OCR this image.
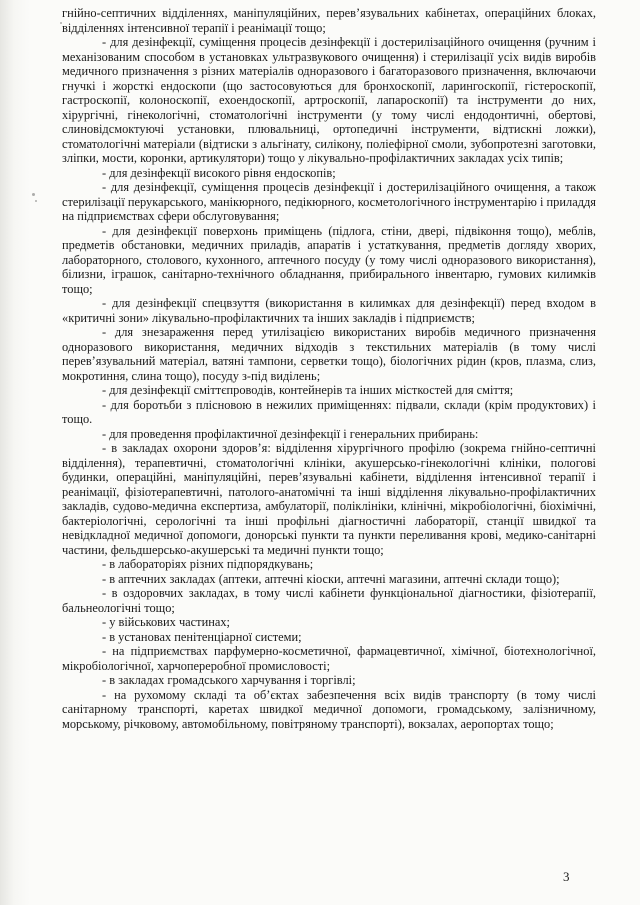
гнійно-септичних відділеннях, маніпуляційних, перев’язувальних кабінетах, операційних блоках, відділеннях інтенсивної терапії і реанімації тощо;

- для дезінфекції, суміщення процесів дезінфекції і достерилізаційного очищення (ручним і механізованим способом в установках ультразвукового очищення) і стерилізації усіх видів виробів медичного призначення з різних матеріалів одноразового і багаторазового призначення, включаючи гнучкі і жорсткі ендоскопи (що застосовуються для бронхоскопії, ларингоскопії, гістероскопії, гастроскопії, колоноскопії, ехоендоскопії, артроскопії, лапароскопії) та інструменти до них, хірургічні, гінекологічні, стоматологічні інструменти (у тому числі ендодонтичні, обертові, слиновідсмоктуючі установки, плювальниці, ортопедичні інструменти, відтискні ложки), стоматологічні матеріали (відтиски з альгінату, силікону, поліефірної смоли, зубопротезні заготовки, зліпки, мости, коронки, артикулятори) тощо у лікувально-профілактичних закладах усіх типів;

- для дезінфекції високого рівня ендоскопів;

- для дезінфекції, суміщення процесів дезінфекції і достерилізаційного очищення, а також стерилізації перукарського, манікюрного, педікюрного, косметологічного інструментарію і приладдя на підприємствах сфери обслуговування;

- для дезінфекції поверхонь приміщень (підлога, стіни, двері, підвіконня тощо), меблів, предметів обстановки, медичних приладів, апаратів і устаткування, предметів догляду хворих, лабораторного, столового, кухонного, аптечного посуду (у тому числі одноразового використання), білизни, іграшок, санітарно-технічного обладнання, прибирального інвентарю, гумових килимків тощо;

- для дезінфекції спецвзуття (використання в килимках для дезінфекції) перед входом в «критичні зони» лікувально-профілактичних та інших закладів і підприємств;

- для знезараження перед утилізацією використаних виробів медичного призначення одноразового використання, медичних відходів з текстильних матеріалів (в тому числі перев’язувальний матеріал, ватяні тампони, серветки тощо), біологічних рідин (кров, плазма, слиз, мокротиння, слина тощо), посуду з-під виділень;

- для дезінфекції сміттєпроводів, контейнерів та інших місткостей для сміття;

- для боротьби з плісновою в нежилих приміщеннях: підвали, склади (крім продуктових) і тощо.

- для проведення профілактичної дезінфекції і генеральних прибирань:

- в закладах охорони здоров’я: відділення хірургічного профілю (зокрема гнійно-септичні відділення), терапевтичні, стоматологічні клініки, акушерсько-гінекологічні клініки, пологові будинки, операційні, маніпуляційні, перев’язувальні кабінети, відділення інтенсивної терапії і реанімації, фізіотерапевтичні, патолого-анатомічні та інші відділення лікувально-профілактичних закладів, судово-медична експертиза, амбулаторії, поліклініки, клінічні, мікробіологічні, біохімічні, бактеріологічні, серологічні та інші профільні діагностичні лабораторії, станції швидкої та невідкладної медичної допомоги, донорські пункти та пункти переливання крові, медико-санітарні частини, фельдшерсько-акушерські та медичні пункти тощо;

- в лабораторіях різних підпорядкувань;

- в аптечних закладах (аптеки, аптечні кіоски, аптечні магазини, аптечні склади тощо);

- в оздоровчих закладах, в тому числі кабінети функціональної діагностики, фізіотерапії, бальнеологічні тощо;

- у військових частинах;

- в установах пенітенціарної системи;

- на підприємствах парфумерно-косметичної, фармацевтичної, хімічної, біотехнологічної, мікробіологічної, харчопереробної промисловості;

- в закладах громадського харчування і торгівлі;

- на рухомому складі та об’єктах забезпечення всіх видів транспорту (в тому числі санітарному транспорті, каретах швидкої медичної допомоги, громадському, залізничному, морському, річковому, автомобільному, повітряному транспорті), вокзалах, аеропортах тощо;

3
